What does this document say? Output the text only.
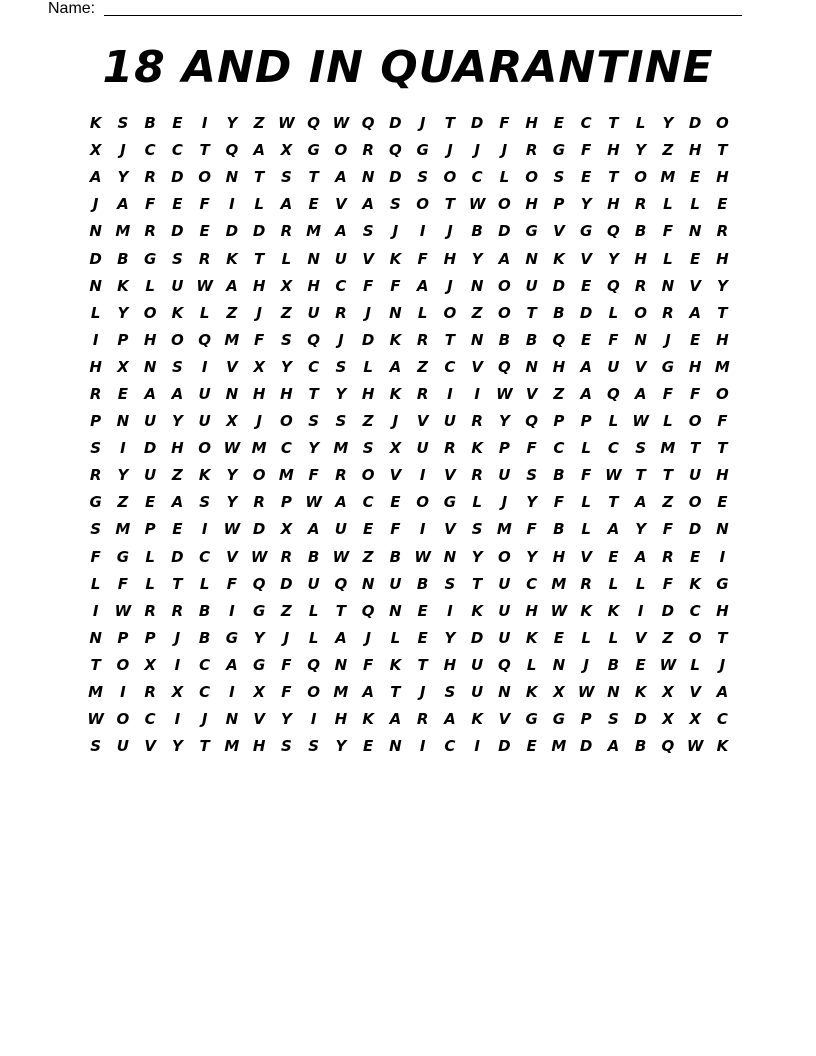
Name:
18 AND IN QUARANTINE
K	S	B	E	I	Y	Z W Q W Q D	J	T	D	F	H	E	C	T	L	Y	D O
X	J	C	C	T	Q	A	X	G O	R	Q G	J	J	J	R	G	F	H	Y	Z	H	T
A	Y	R	D O N	T	S	T	A	N D	S	O	C	L	O	S	E	T	O M E	H
J	A	F	E	F	I	L	A	E	V	A	S	O	T W O H	P	Y	H	R	L	L	E
N M R	D	E	D D	R M A	S	J	I	J	B	D G	V	G Q	B	F	N	R
D	B	G	S	R	K	T	L	N U	V	K	F	H	Y	A	N	K	V	Y	H	L	E	H
N	K	L	U W A	H	X	H	C	F	F	A	J	N O U D	E	Q	R	N	V	Y
L	Y	O	K	L	Z	J	Z	U	R	J	N	L	O	Z	O	T	B	D	L	O	R	A	T
I	P	H O Q M F	S	Q	J	D	K	R	T	N	B	B	Q	E	F	N	J	E	H
H	X	N	S	I	V	X	Y	C	S	L	A	Z	C	V	Q N H	A	U	V	G H M
R	E	A	A	U N H H	T	Y	H	K	R	I	I	W V	Z	A	Q	A	F	F	O
P	N U	Y	U	X	J	O	S	S	Z	J	V	U	R	Y	Q	P	P	L W L	O	F
S	I	D H O W M C	Y M S	X	U	R	K	P	F	C	L	C	S M T	T
R	Y	U	Z	K	Y	O M F	R	O	V	I	V	R	U	S	B	F W T	T	U H
G	Z	E	A	S	Y	R	P W A	C	E	O G	L	J	Y	F	L	T	A	Z	O	E
S M P	E	I	W D	X	A	U	E	F	I	V	S M F	B	L	A	Y	F	D N
F	G	L	D	C	V W R	B W Z	B W N	Y	O	Y	H	V	E	A	R	E	I
L	F	L	T	L	F	Q D U Q N U	B	S	T	U	C M R	L	L	F	K	G
I	W R	R	B	I	G	Z	L	T	Q N	E	I	K	U H W K	K	I	D	C	H
N	P	P	J	B	G	Y	J	L	A	J	L	E	Y	D U	K	E	L	L	V	Z	O	T
T	O	X	I	C	A	G	F	Q N	F	K	T	H U Q	L	N	J	B	E W L	J
M	I	R	X	C	I	X	F	O M A	T	J	S	U N	K	X W N	K	X	V	A
W O	C	I	J	N	V	Y	I	H	K	A	R	A	K	V	G G	P	S	D	X	X	C
S	U	V	Y	T M H	S	S	Y	E	N	I	C	I	D	E M D	A	B	Q W K
